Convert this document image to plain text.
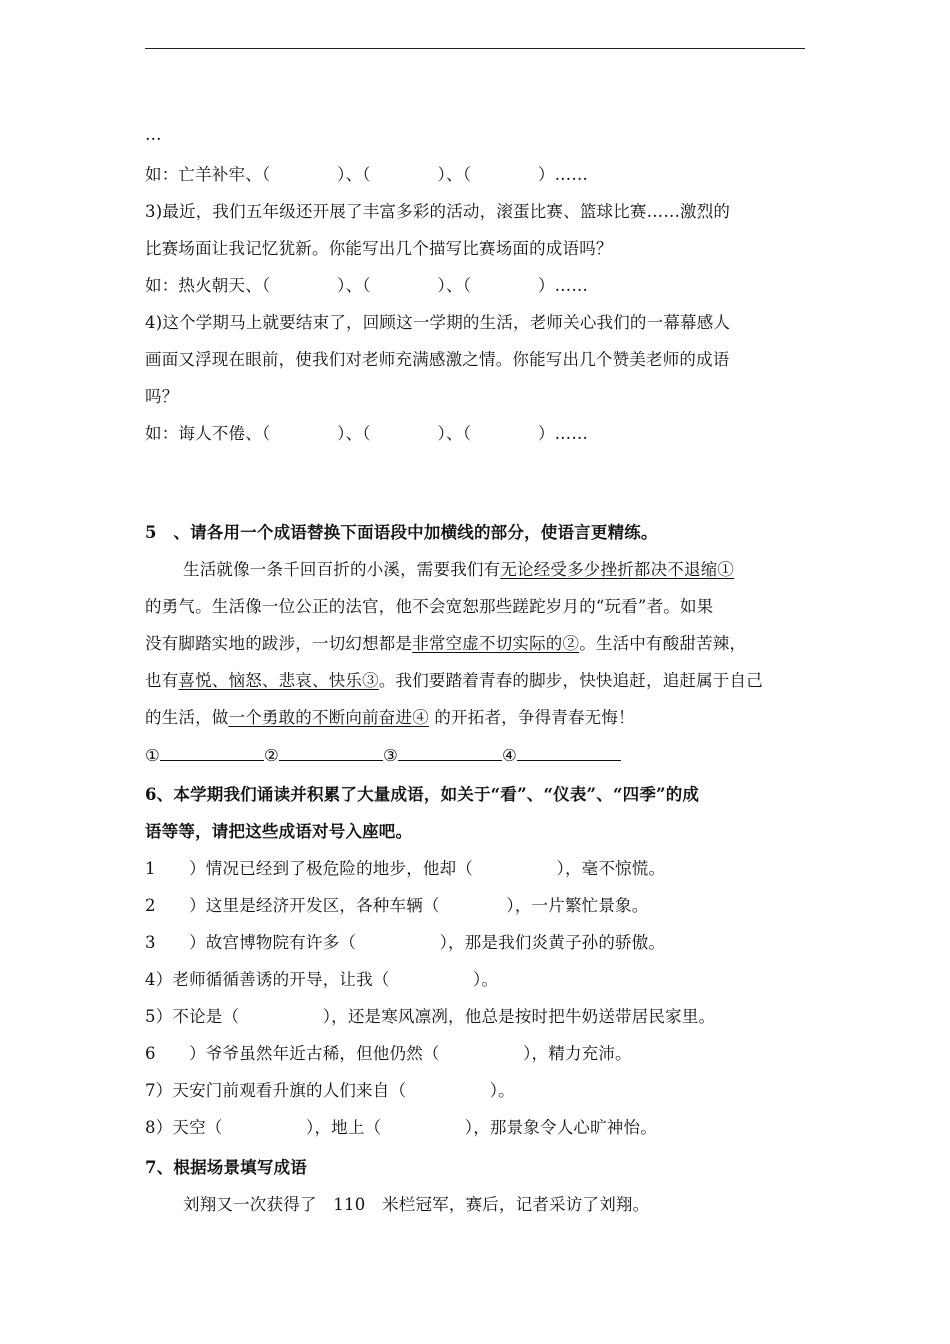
…
如：亡羊补牢、（　　　　）、（　　　　）、（　　　　）……
3)最近，我们五年级还开展了丰富多彩的活动，滚蛋比赛、篮球比赛……激烈的
比赛场面让我记忆犹新。你能写出几个描写比赛场面的成语吗？
如：热火朝天、（　　　　）、（　　　　）、（　　　　）……
4)这个学期马上就要结束了，回顾这一学期的生活，老师关心我们的一幕幕感人
画面又浮现在眼前，使我们对老师充满感激之情。你能写出几个赞美老师的成语
吗？
如：诲人不倦、（　　　　）、（　　　　）、（　　　　）……
5　、请各用一个成语替换下面语段中加横线的部分，使语言更精练。
生活就像一条千回百折的小溪，需要我们有无论经受多少挫折都决不退缩①
的勇气。生活像一位公正的法官，他不会宽恕那些蹉跎岁月的“玩看”者。如果
没有脚踏实地的跋涉，一切幻想都是非常空虚不切实际的②。生活中有酸甜苦辣，
也有喜悦、恼怒、悲哀、快乐③。我们要踏着青春的脚步，快快追赶，追赶属于自己
的生活，做一个勇敢的不断向前奋进④ 的开拓者，争得青春无悔！
①	②	③	④
6、本学期我们诵读并积累了大量成语，如关于“看”、“仪表”、“四季”的成
语等等，请把这些成语对号入座吧。
1　　）情况已经到了极危险的地步，他却（　　　　　），毫不惊慌。
2　　）这里是经济开发区，各种车辆（　　　　），一片繁忙景象。
3　　）故宫博物院有许多（　　　　　），那是我们炎黄子孙的骄傲。
4）老师循循善诱的开导，让我（　　　　　）。
5）不论是（　　　　　），还是寒风凛冽，他总是按时把牛奶送带居民家里。
6　　）爷爷虽然年近古稀，但他仍然（　　　　　），精力充沛。
7）天安门前观看升旗的人们来自（　　　　　）。
8）天空（　　　　　），地上（　　　　　），那景象令人心旷神怡。
7、根据场景填写成语
刘翔又一次获得了　110　米栏冠军，赛后，记者采访了刘翔。
